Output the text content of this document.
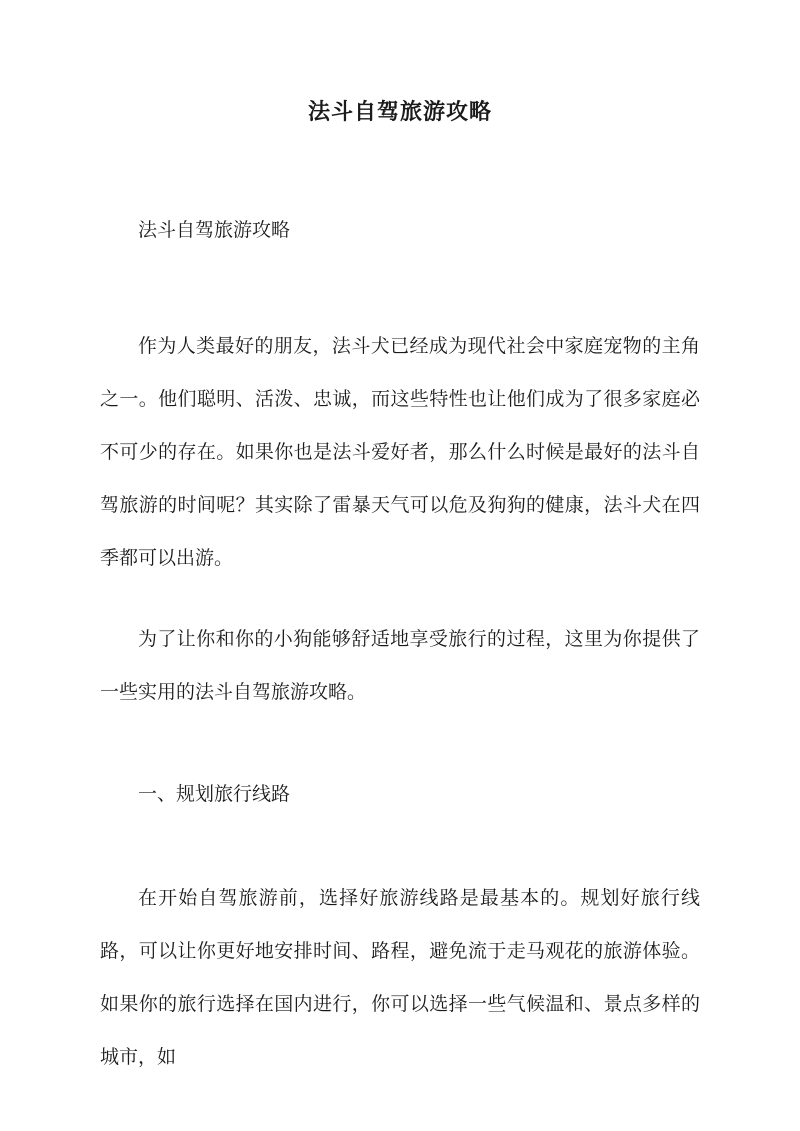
法斗自驾旅游攻略

法斗自驾旅游攻略

作为人类最好的朋友，法斗犬已经成为现代社会中家庭宠物的主角之一。他们聪明、活泼、忠诚，而这些特性也让他们成为了很多家庭必不可少的存在。如果你也是法斗爱好者，那么什么时候是最好的法斗自驾旅游的时间呢？其实除了雷暴天气可以危及狗狗的健康，法斗犬在四季都可以出游。

为了让你和你的小狗能够舒适地享受旅行的过程，这里为你提供了一些实用的法斗自驾旅游攻略。

一、规划旅行线路

在开始自驾旅游前，选择好旅游线路是最基本的。规划好旅行线路，可以让你更好地安排时间、路程，避免流于走马观花的旅游体验。如果你的旅行选择在国内进行，你可以选择一些气候温和、景点多样的城市，如
